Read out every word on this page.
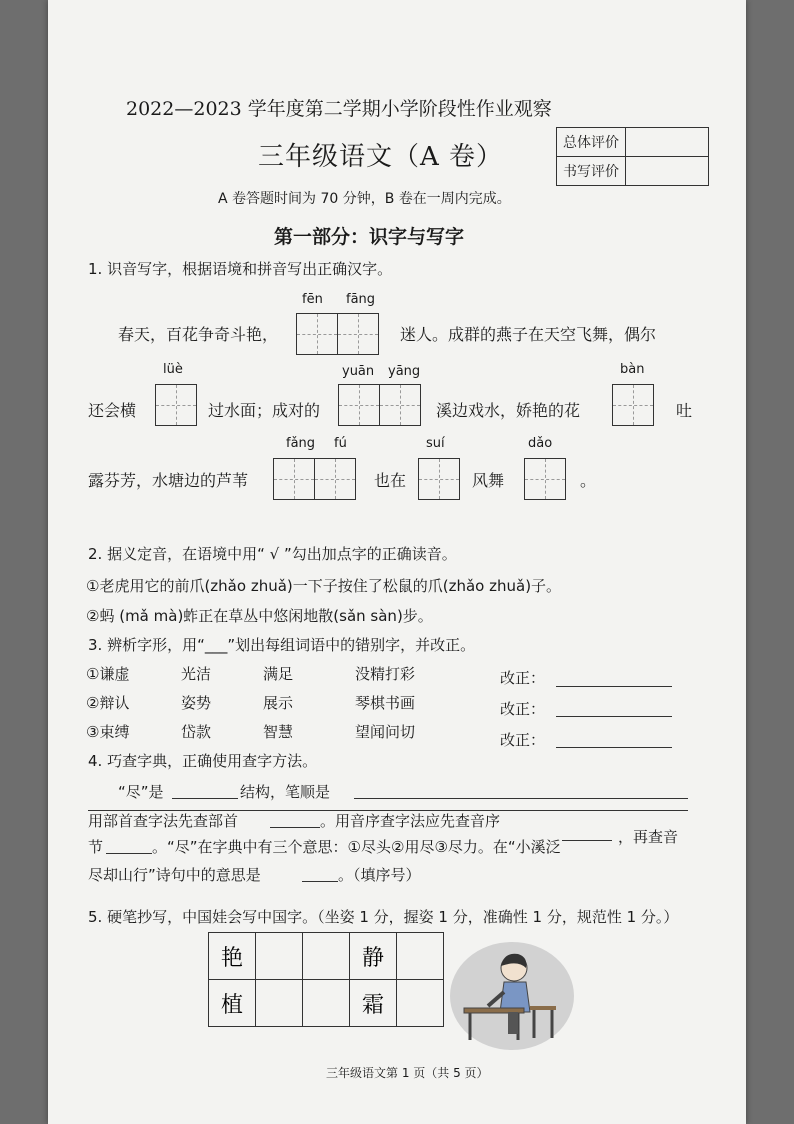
2022—2023 学年度第二学期小学阶段性作业观察
三年级语文（A 卷）	总体评价	
书写评价	
A 卷答题时间为 70 分钟，B 卷在一周内完成。
第一部分：识字与写字
1. 识音写字，根据语境和拼音写出正确汉字。
fēn fāng
春天，百花争奇斗艳，	迷人。成群的燕子在天空飞舞，偶尔
lüè	yuān yāng	bàn
还会横	过水面；成对的	溪边戏水，娇艳的花	吐
fǎng fú	suí	dǎo
露芬芳，水塘边的芦苇	也在	风舞	。
2. 据义定音，在语境中用“ √ ”勾出加点字的正确读音。
①老虎用它的前爪(zhǎo zhuǎ)一下子按住了松鼠的爪(zhǎo zhuǎ)子。
②蚂 (mǎ mà)蚱正在草丛中悠闲地散(sǎn sàn)步。
3. 辨析字形，用“___”划出每组词语中的错别字，并改正。
①谦虚	光洁	满足	没精打彩	改正：
②辩认	姿势	展示	琴棋书画	改正：
③束缚	岱款	智慧	望闻问切	改正：
4. 巧查字典，正确使用查字方法。
“尽”是	结构，笔顺是
用部首查字法先查部首	。用音序查字法应先查音序
，再查音
节	。“尽”在字典中有三个意思：①尽头②用尽③尽力。在“小溪泛
尽却山行”诗句中的意思是	。（填序号）
5. 硬笔抄写，中国娃会写中国字。（坐姿 1 分，握姿 1 分，准确性 1 分，规范性 1 分。）
艳			静	
植			霜	
三年级语文第 1 页（共 5 页）
